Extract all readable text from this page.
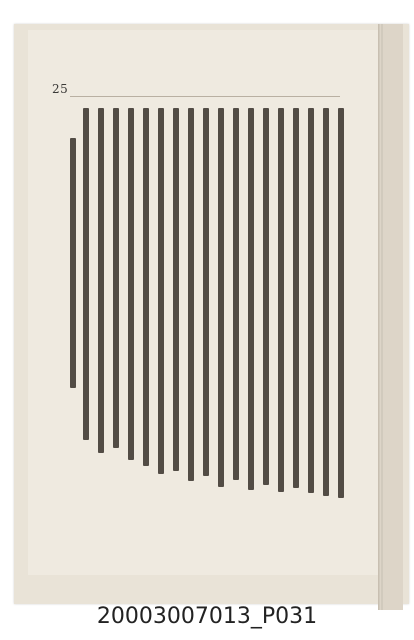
25
20003007013_P031
